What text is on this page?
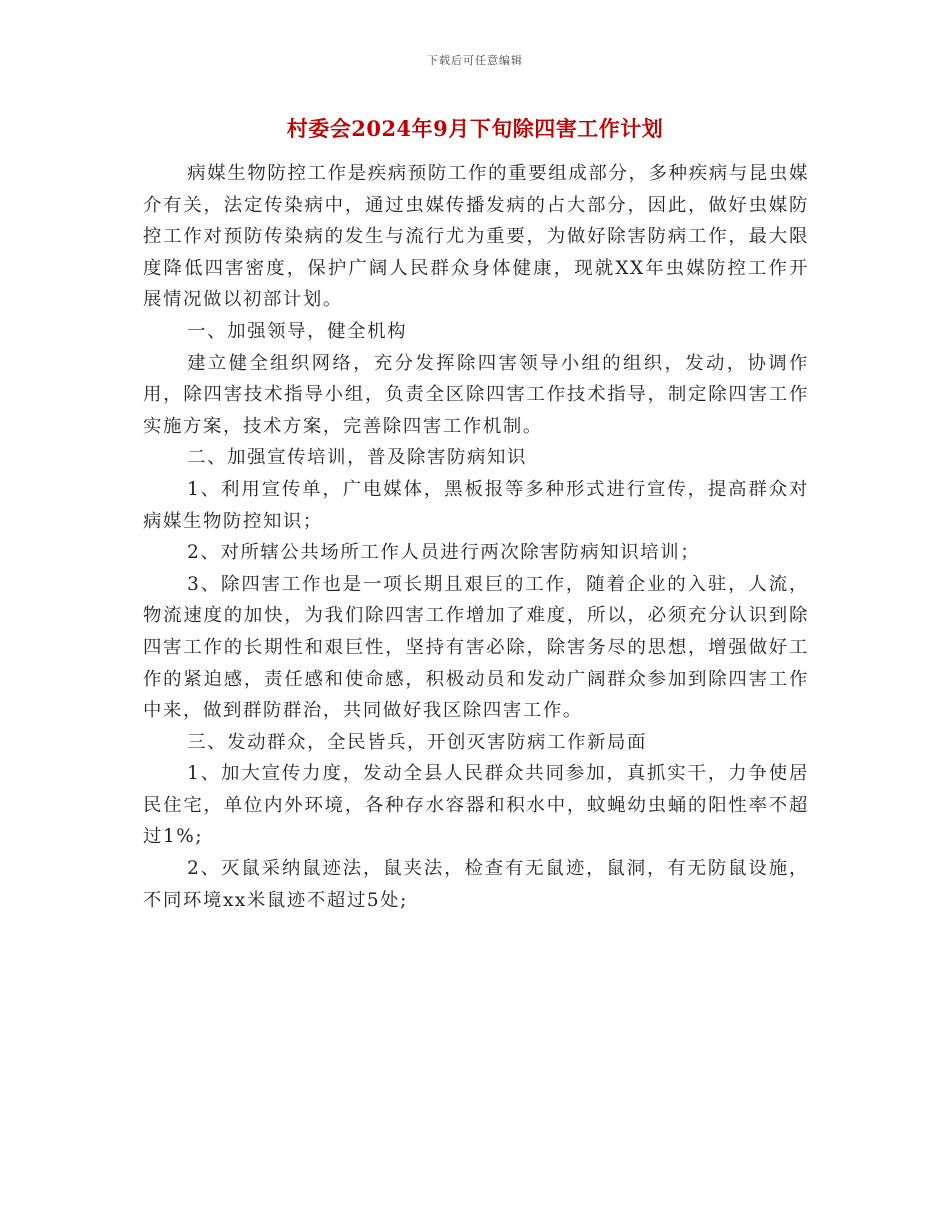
下载后可任意编辑
村委会2024年9月下旬除四害工作计划

病媒生物防控工作是疾病预防工作的重要组成部分，多种疾病与昆虫媒介有关，法定传染病中，通过虫媒传播发病的占大部分，因此，做好虫媒防控工作对预防传染病的发生与流行尤为重要，为做好除害防病工作，最大限度降低四害密度，保护广阔人民群众身体健康，现就XX年虫媒防控工作开展情况做以初部计划。

一、加强领导，健全机构

建立健全组织网络，充分发挥除四害领导小组的组织，发动，协调作用，除四害技术指导小组，负责全区除四害工作技术指导，制定除四害工作实施方案，技术方案，完善除四害工作机制。

二、加强宣传培训，普及除害防病知识

1、利用宣传单，广电媒体，黑板报等多种形式进行宣传，提高群众对病媒生物防控知识；

2、对所辖公共场所工作人员进行两次除害防病知识培训；

3、除四害工作也是一项长期且艰巨的工作，随着企业的入驻，人流，物流速度的加快，为我们除四害工作增加了难度，所以，必须充分认识到除四害工作的长期性和艰巨性，坚持有害必除，除害务尽的思想，增强做好工作的紧迫感，责任感和使命感，积极动员和发动广阔群众参加到除四害工作中来，做到群防群治，共同做好我区除四害工作。

三、发动群众，全民皆兵，开创灭害防病工作新局面

1、加大宣传力度，发动全县人民群众共同参加，真抓实干，力争使居民住宅，单位内外环境，各种存水容器和积水中，蚊蝇幼虫蛹的阳性率不超过1%;

2、灭鼠采纳鼠迹法，鼠夹法，检查有无鼠迹，鼠洞，有无防鼠设施，不同环境xx米鼠迹不超过5处;
